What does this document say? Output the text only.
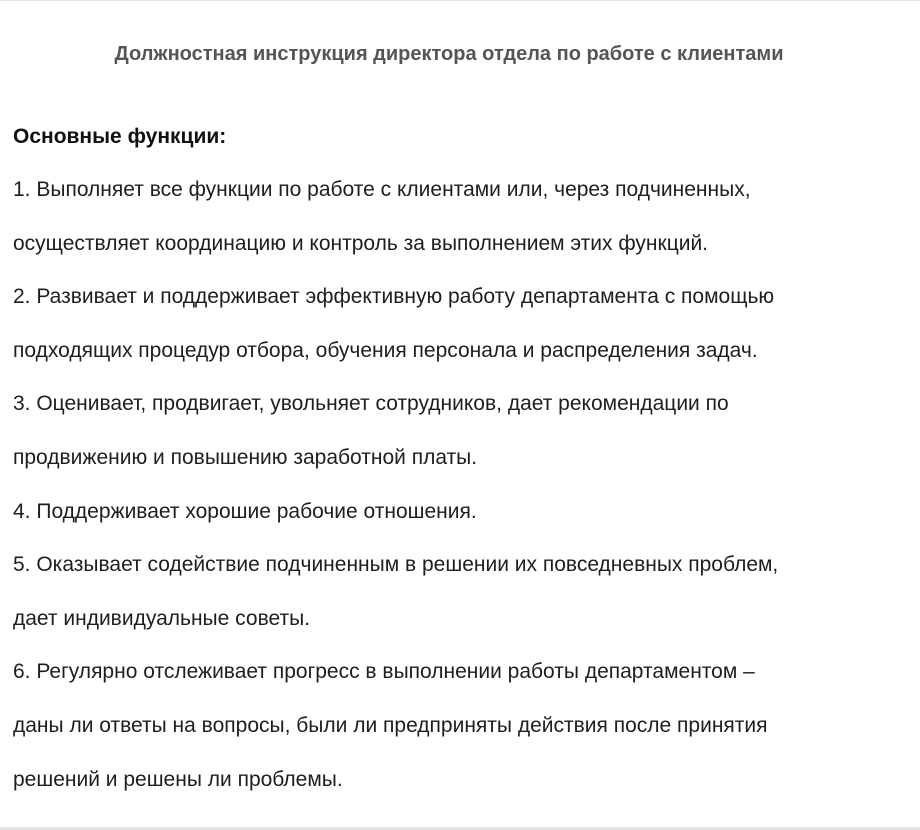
Должностная инструкция директора отдела по работе с клиентами
Основные функции:
1. Выполняет все функции по работе с клиентами или, через подчиненных,
осуществляет координацию и контроль за выполнением этих функций.
2. Развивает и поддерживает эффективную работу департамента с помощью
подходящих процедур отбора, обучения персонала и распределения задач.
3. Оценивает, продвигает, увольняет сотрудников, дает рекомендации по
продвижению и повышению заработной платы.
4. Поддерживает хорошие рабочие отношения.
5. Оказывает содействие подчиненным в решении их повседневных проблем,
дает индивидуальные советы.
6. Регулярно отслеживает прогресс в выполнении работы департаментом –
даны ли ответы на вопросы, были ли предприняты действия после принятия
решений и решены ли проблемы.
